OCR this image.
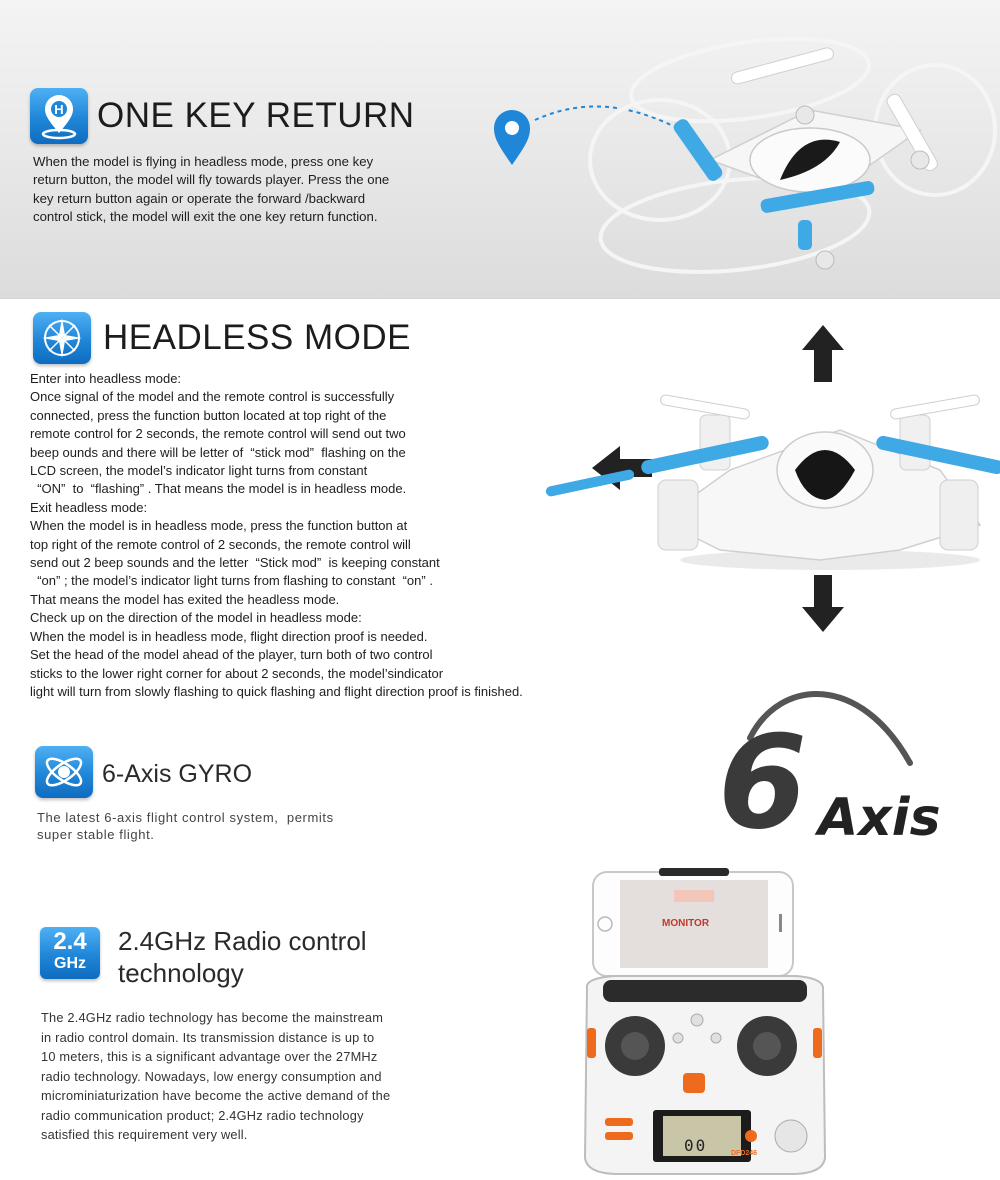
H ONE KEY RETURN
When the model is flying in headless mode, press one key
return button, the model will fly towards player. Press the one
key return button again or operate the forward /backward
control stick, the model will exit the one key return function.
HEADLESS MODE
Enter into headless mode:
Once signal of the model and the remote control is successfully
connected, press the function button located at top right of the
remote control for 2 seconds, the remote control will send out two
beep ounds and there will be letter of  “stick mod”  flashing on the
LCD screen, the model’s indicator light turns from constant
“ON”  to  “flashing” . That means the model is in headless mode.
Exit headless mode:
When the model is in headless mode, press the function button at
top right of the remote control of 2 seconds, the remote control will
send out 2 beep sounds and the letter  “Stick mod”  is keeping constant
“on” ; the model’s indicator light turns from flashing to constant  “on” .
That means the model has exited the headless mode.
Check up on the direction of the model in headless mode:
When the model is in headless mode, flight direction proof is needed.
Set the head of the model ahead of the player, turn both of two control
sticks to the lower right corner for about 2 seconds, the model’sindicator
light will turn from slowly flashing to quick flashing and flight direction proof is finished.
6-Axis GYRO
The latest 6-axis flight control system,  permits
super stable flight.	6 Axis
2.4
GHz
2.4GHz Radio control
technology
The 2.4GHz radio technology has become the mainstream
in radio control domain. Its transmission distance is up to
10 meters, this is a significant advantage over the 27MHz
radio technology. Nowadays, low energy consumption and
microminiaturization have become the active demand of the
radio communication product; 2.4GHz radio technology
satisfied this requirement very well.
MONITOR
00	DFD246
